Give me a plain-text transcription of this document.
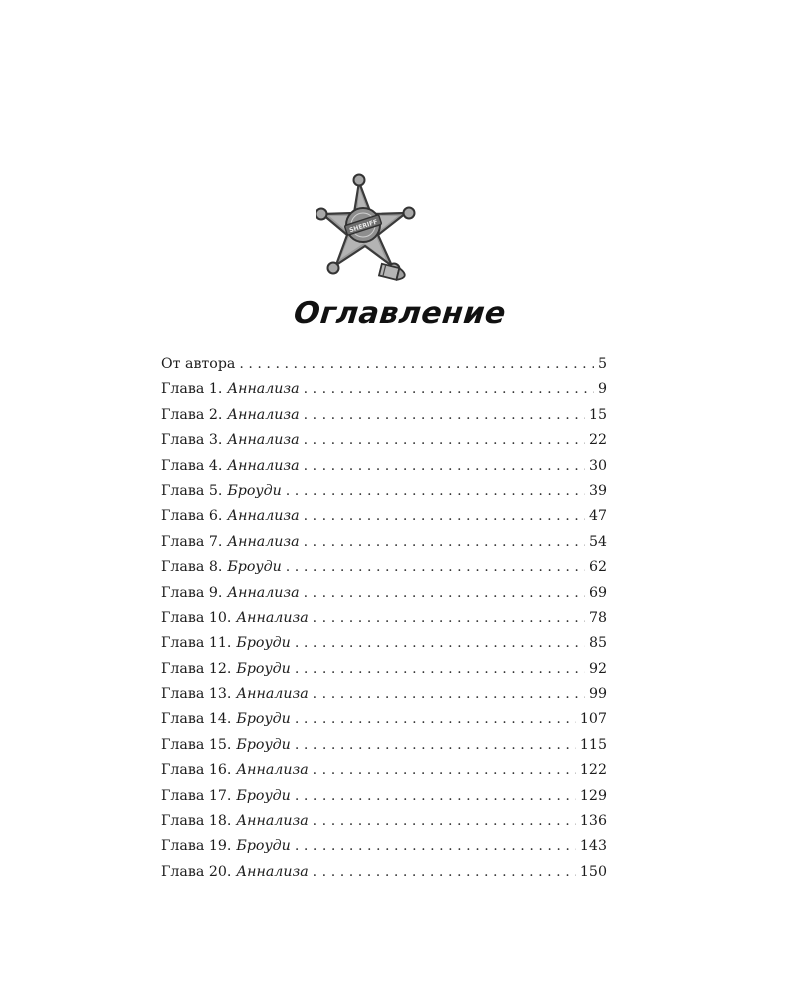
SHERIFF
Оглавление
От автора . . .	5
Глава 1. Аннализа . . .	9
Глава 2. Аннализа . . .	15
Глава 3. Аннализа . . .	22
Глава 4. Аннализа . . .	30
Глава 5. Броуди . . .	39
Глава 6. Аннализа . . .	47
Глава 7. Аннализа . . .	54
Глава 8. Броуди . . .	62
Глава 9. Аннализа . . .	69
Глава 10. Аннализа . . .	78
Глава 11. Броуди . . .	85
Глава 12. Броуди . . .	92
Глава 13. Аннализа . . .	99
Глава 14. Броуди . . .	107
Глава 15. Броуди . . .	115
Глава 16. Аннализа . . .	122
Глава 17. Броуди . . .	129
Глава 18. Аннализа . . .	136
Глава 19. Броуди . . .	143
Глава 20. Аннализа . . .	150
